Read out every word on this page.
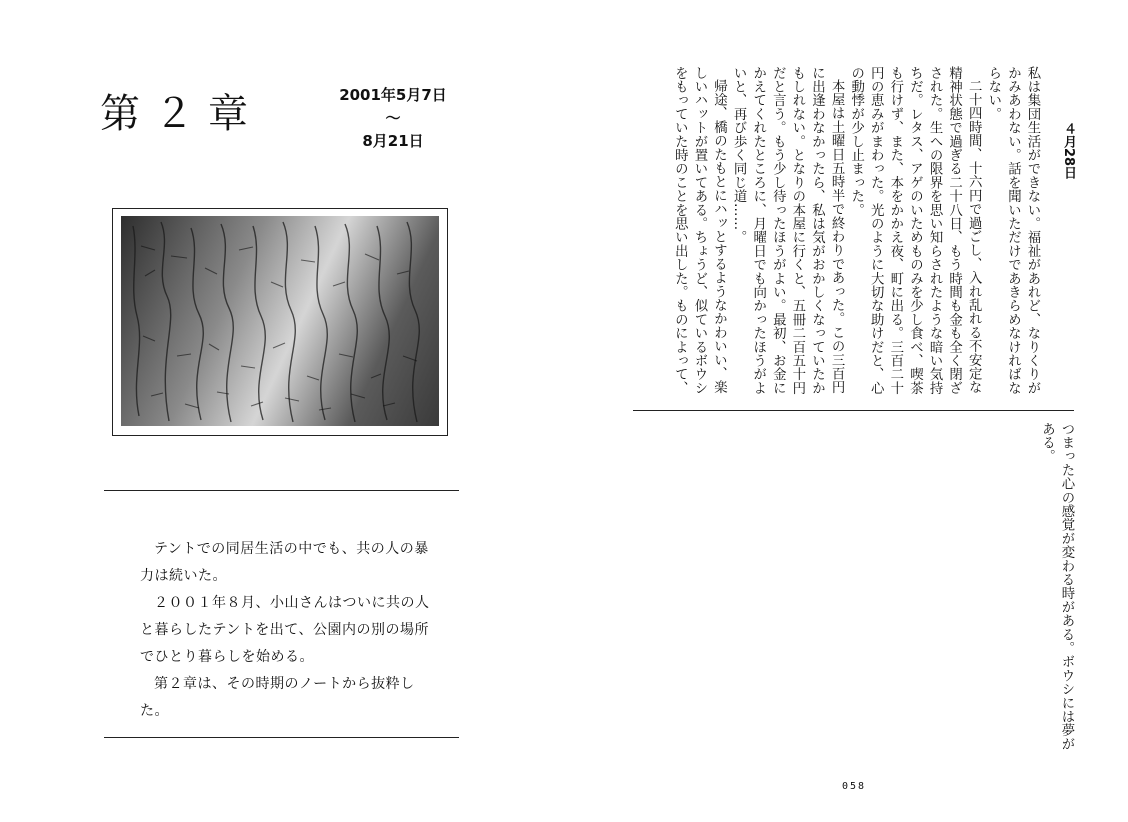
第２章	2001年5月7日
～
8月21日

テントでの同居生活の中でも、共の人の暴力は続いた。

２００１年８月、小山さんはついに共の人と暮らしたテントを出て、公園内の別の場所でひとり暮らしを始める。

第２章は、その時期のノートから抜粋した。

４月28日

私は集団生活ができない。福祉があれど、なりくりがかみあわない。話を聞いただけであきらめなければならない。

二十四時間、十六円で過ごし、入れ乱れる不安定な精神状態で過ぎる二十八日、もう時間も金も全く閉ざされた。生への限界を思い知らされたような暗い気持ちだ。レタス、アゲのいためものみを少し食べ、喫茶も行けず、また、本をかかえ夜、町に出る。三百二十円の恵みがまわった。光のように大切な助けだと、心の動悸が少し止まった。

本屋は土曜日五時半で終わりであった。この三百円に出逢わなかったら、私は気がおかしくなっていたかもしれない。となりの本屋に行くと、五冊二百五十円だと言う。もう少し待ったほうがよい。最初、お金にかえてくれたところに、月曜日でも向かったほうがよいと、再び歩く同じ道……。

帰途、橋のたもとにハッとするようなかわいい、楽しいハットが置いてある。ちょうど、似ているボウシをもっていた時のことを思い出した。ものによって、

つまった心の感覚が変わる時がある。ボウシには夢がある。
058
